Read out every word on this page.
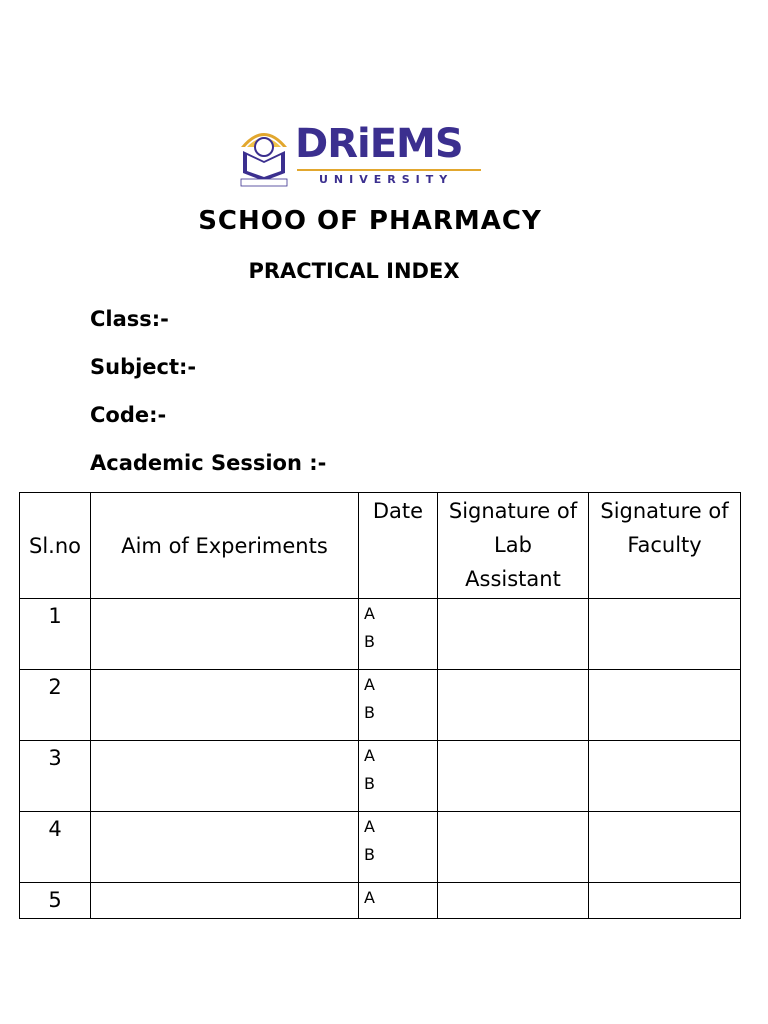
DRiEMS
UNIVERSITY
SCHOO OF PHARMACY
PRACTICAL INDEX
Class:-
Subject:-
Code:-
Academic Session :-
Sl.no	Aim of Experiments	Date	Signature of
Lab
Assistant	Signature of
Faculty

1		A
B		

2		A
B		

3		A
B		

4		A
B		

5		A		
